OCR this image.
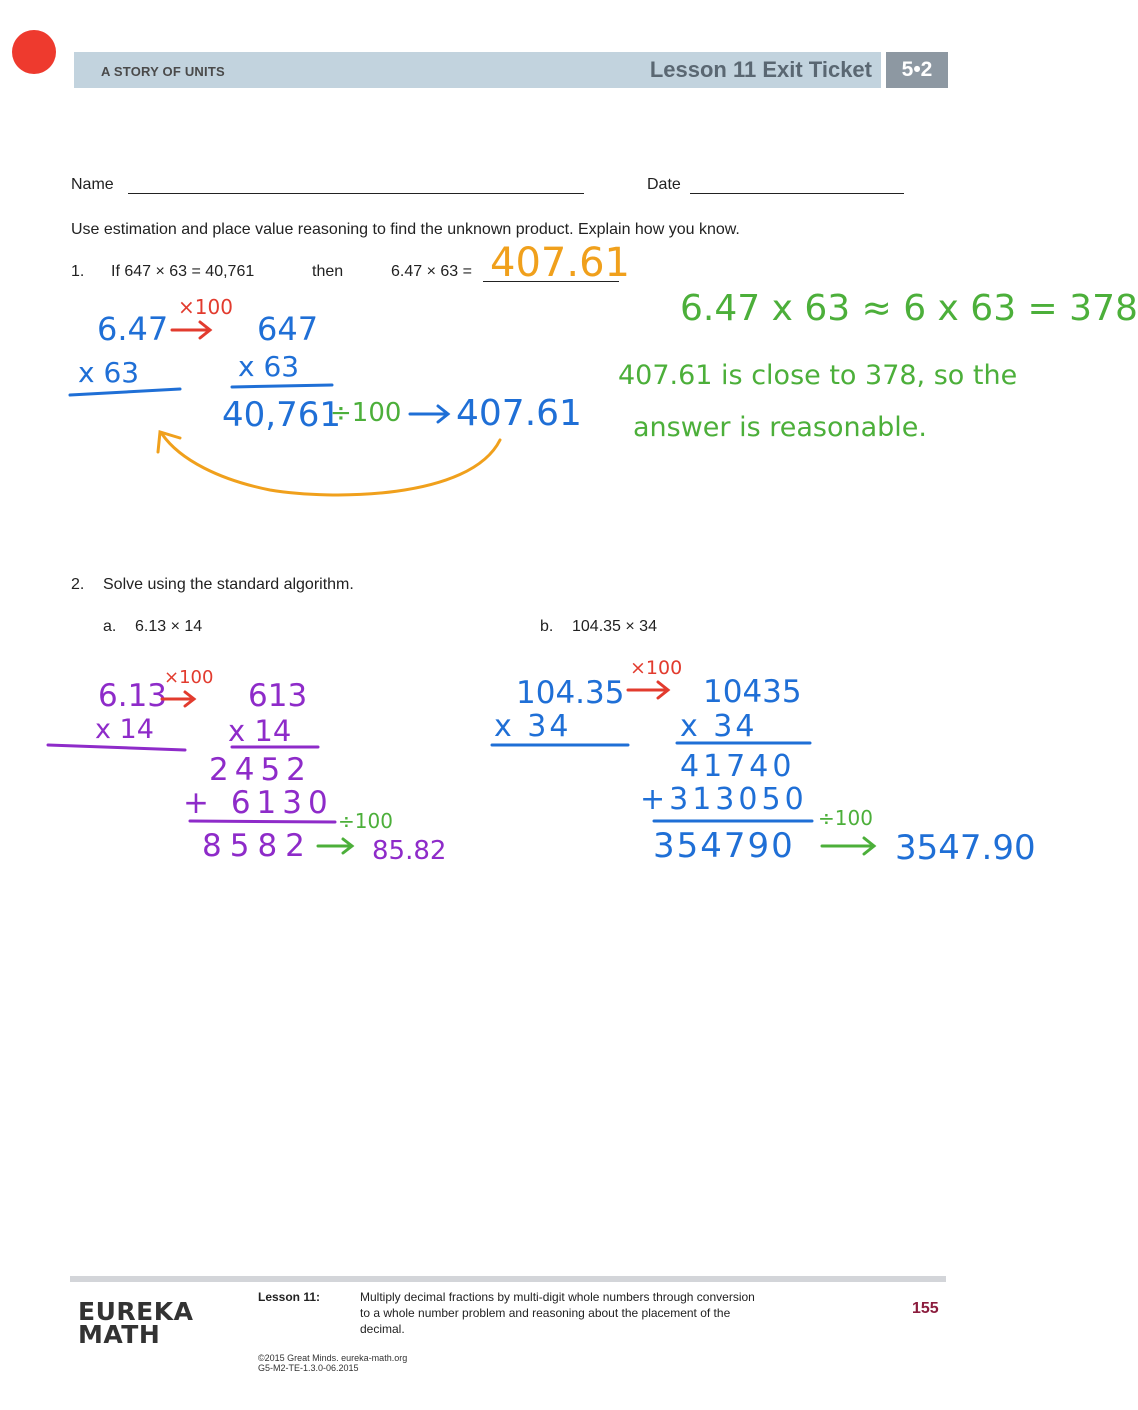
A STORY OF UNITS	Lesson 11 Exit Ticket	5•2
Name	Date
Use estimation and place value reasoning to find the unknown product. Explain how you know.
1. If 647 × 63 = 40,761	then	6.47 × 63 = 407.61
6.47
x 63
×100
647
x 63
40,761
÷100 407.61
6.47 x 63 ≈ 6 x 63 = 378
407.61 is close to 378, so the
answer is reasonable.
2. Solve using the standard algorithm.
a. 6.13 × 14	b. 104.35 × 34
6.13
x 14
×100
613
x 14
2452
+ 6130
8582
÷100
85.82
104.35
x 34
×100
10435
x 34
41740
+313050
354790
÷100
3547.90
EUREKA
MATH
Lesson 11:	Multiply decimal fractions by multi-digit whole numbers through conversion to a whole number problem and reasoning about the placement of the decimal.
155
©2015 Great Minds. eureka-math.org
G5-M2-TE-1.3.0-06.2015
